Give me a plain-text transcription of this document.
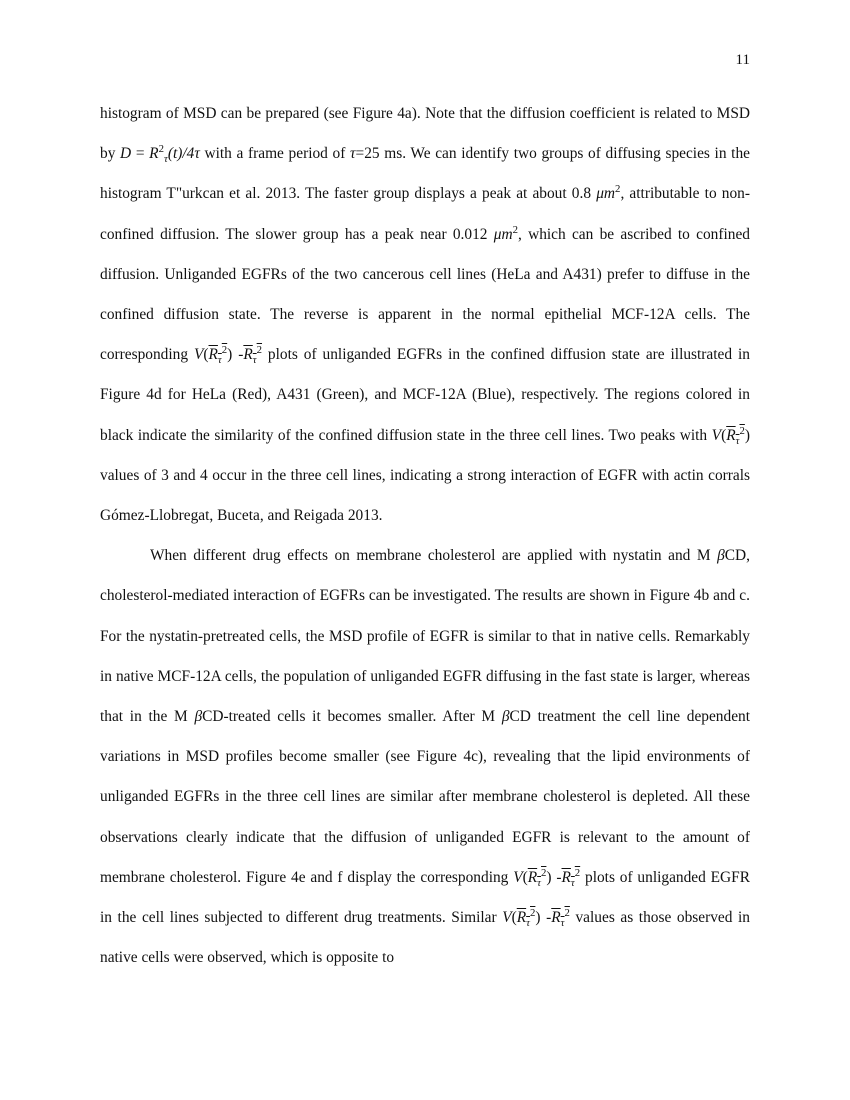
11

histogram of MSD can be prepared (see Figure 4a). Note that the diffusion coefficient is related to MSD by $D = R^2_\tau(t)/4\tau$ with a frame period of τ=25 ms. We can identify two groups of diffusing species in the histogram T"urkcan et al. 2013. The faster group displays a peak at about 0.8 $\mu m^2$, attributable to non-confined diffusion. The slower group has a peak near 0.012 $\mu m^2$, which can be ascribed to confined diffusion. Unliganded EGFRs of the two cancerous cell lines (HeLa and A431) prefer to diffuse in the confined diffusion state. The reverse is apparent in the normal epithelial MCF-12A cells. The corresponding $V(R_\tau^2)$ $-R_\tau^2$ plots of unliganded EGFRs in the confined diffusion state are illustrated in Figure 4d for HeLa (Red), A431 (Green), and MCF-12A (Blue), respectively. The regions colored in black indicate the similarity of the confined diffusion state in the three cell lines. Two peaks with $V(R_\tau^2)$ values of 3 and 4 occur in the three cell lines, indicating a strong interaction of EGFR with actin corrals Gómez-Llobregat, Buceta, and Reigada 2013.

When different drug effects on membrane cholesterol are applied with nystatin and M βCD, cholesterol-mediated interaction of EGFRs can be investigated. The results are shown in Figure 4b and c. For the nystatin-pretreated cells, the MSD profile of EGFR is similar to that in native cells. Remarkably in native MCF-12A cells, the population of unliganded EGFR diffusing in the fast state is larger, whereas that in the M βCD-treated cells it becomes smaller. After M βCD treatment the cell line dependent variations in MSD profiles become smaller (see Figure 4c), revealing that the lipid environments of unliganded EGFRs in the three cell lines are similar after membrane cholesterol is depleted. All these observations clearly indicate that the diffusion of unliganded EGFR is relevant to the amount of membrane cholesterol. Figure 4e and f display the corresponding $V(R_\tau^2)$ $-R_\tau^2$ plots of unliganded EGFR in the cell lines subjected to different drug treatments. Similar $V(R_\tau^2)$ $-R_\tau^2$ values as those observed in native cells were observed, which is opposite to
